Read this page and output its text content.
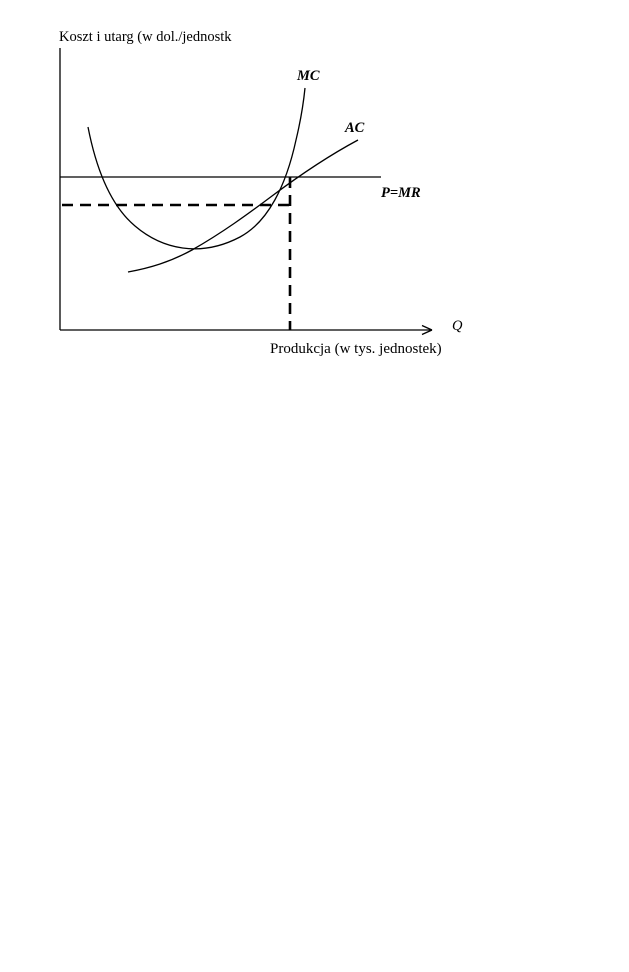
Koszt i utarg (w dol./jednostk
Produkcja (w tys. jednostek)
MC
AC
P=MR
Q
